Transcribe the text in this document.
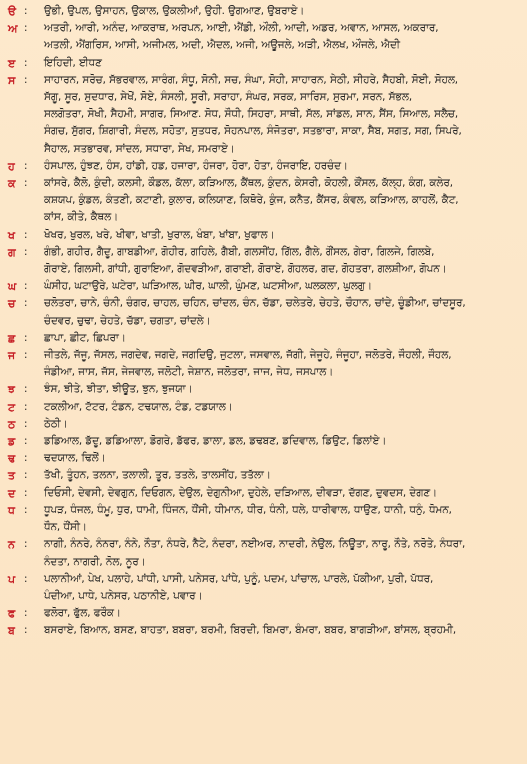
ੳ :	ਉਭੀ, ਉਪਲ, ਉਸਾਹਨ, ਉਕਾਲ, ਉਕਲੀਆਂ, ਉਹੀ. ਉਗਆਣ, ਉਬਰਾਏ।
ਅ :	ਅਤਰੀ, ਆਰੀ, ਅਨੰਦ, ਆਕਰਾਥ, ਅਰਪਨ, ਆਈ, ਐਂਡੀ, ਔਲੀ, ਆਦੀ, ਅਡਰ, ਅਵਾਨ, ਆਸਲ, ਅਕਰਾਰ,
ਅਤਲੀ, ਐਂਗਰਿਸ, ਆਸੀ, ਅਜੀਮਲ, ਅਦੀ, ਐਦਲ, ਅਜੀ, ਅਊਜਲੇ, ਅੜੀ, ਐਲਖ, ਔਜਲੇ, ਐਦੀ
ੲ :	ਇਹਿਦੀ, ਈਧਣ
ਸ :	ਸਾਹਾਰਨ, ਸਰੋਚ, ਸੱਭਰਵਾਲ, ਸਾਰੰਗ, ਸੰਧੂ, ਸੋਨੀ, ਸਚ, ਸੰਘਾ, ਸੋਹੀ, ਸਾਹਾਰਨ, ਸੇਠੀ, ਸੀਹਰੇ, ਸੈਹਬੀ, ਸੋਈ, ਸੋਹਲ,
ਸੱਗੂ, ਸੂਰ, ਸੁਦਧਾਰ, ਸੇਖੋਂ, ਸੋਏ, ਸੰਸਲੀ, ਸੂਰੀ, ਸਰਾਹਾ, ਸੰਘਰ, ਸਰਕ, ਸਾਰਿਸ, ਸੁਰਮਾ, ਸਰਨ, ਸੱਭਲ,
ਸਲਗੋਤਰਾ, ਸੋਖੀ, ਸੈਹਮੀ, ਸਾਗਰ, ਸਿਆਣ. ਸੋਧ, ਸੌਧੀ, ਸਿਹਰਾ, ਸਾਥੀ, ਸੱਲ, ਸਾਂਡਲ, ਸਾਨ, ਸੈਂਸ, ਸਿਆਲ, ਸਲੈਚ,
ਸੰਗਚ, ਸੁੱਗਰ, ਸ਼ਿਗਾਰੀ, ਸੰਦਲ, ਸਹੋਤਾ, ਸੁਤਧਰ, ਸੋਹਨਪਾਲ, ਸੰਜੋਤਰਾ, ਸਤਭਾਰਾ, ਸਾਕਾ, ਸੈਬ, ਸਗਤ, ਸਗ, ਸਿਪਰੇ,
ਸੈਹਾਲ, ਸਤਭਾਰਵ, ਸਾਂਦਲ, ਸਧਾਰਾ, ਸੇਖ, ਸਮਰਾਏ।
ਹ :	ਹੰਸਪਾਲ, ਹੁੰਝਣ, ਹੰਸ, ਹਾਂਡੀ, ਹਡ, ਹਜਾਰਾ, ਹੰਜਰਾ, ਹੋਰਾ, ਹੋਤਾ, ਹੰਜਰਾਇ, ਹਰਚੰਦ।
ਕ :	ਕਾਂਸਰੇ, ਕੈਲੋ, ਕੁੰਦੀ, ਕਲਸੀ, ਕੌਡਲ, ਕੱਲਾ, ਕੜਿਆਲ, ਕੈਂਥਲ, ਕੁੰਦਨ, ਕੇਸਰੀ, ਕੋਹਲੀ, ਕੌਂਸਲ, ਕੱਲ੍ਹ, ਕੰਗ, ਕਲੇਰ,
ਕਸ਼ਯਪ, ਕੁੰਡਲ, ਕੰਤਣੀ, ਕਟਾਣੀ, ਕੁਲਾਰ, ਕਲਿਯਾਣ, ਕਿਥੋਰੇ, ਕੁੰਜ, ਕਨੈਤ, ਕੈਂਸਰ, ਕੰਵਲ, ਕੜਿਆਲ, ਕਾਹਲੋਂ, ਕੈਟ,
ਕਾਂਸ, ਕੀਤੇ, ਕੈਥਲ।
ਖ :	ਖੋਖਰ, ਖੁਰਲ, ਖਰੇ, ਖੀਵਾ, ਖਾਤੀ, ਖੁਰਾਲ, ਖੰਬਾ, ਖਾਂਬਾ, ਖੁਫਾਲ।
ਗ :	ਗੰਭੀ, ਗਹੀਰ, ਗੈਦੂ, ਗਾਬਡੀਆ, ਗੋਹੀਰ, ਗਹਿਲੇ, ਗੈਬੀ, ਗਲਸੀਂਹ, ਗਿੱਲ, ਗੈਲੇ, ਗੌਂਸਲ, ਗੇਰਾ, ਗਿਲਜੇ, ਗਿਲਬੇ,
ਗੋਰਾਏ, ਗਿਲਸੀ, ਗਾਂਧੀ, ਗੁਰਾਇਆ, ਗੋਦਵੜੀਆ, ਗਰਾਈ, ਗੋਰਾਏ, ਗੋਹਲਰ, ਗਦ, ਗੋਹਤਰਾ, ਗਲਸ਼ੀਆ, ਗੋਪਨ।
ਘ :	ਘੰਸੀਹ, ਘਟਾਉਰੇ, ਘਟੇਰਾ, ਘੜਿਆਲ, ਘੀਰ, ਘਾਲੀ, ਘੁੰਮਣ, ਘਟਸੀਆ, ਘਲਕਲਾ, ਘੁਲਗੁ।
ਚ :	ਚਲੋਤਰਾ, ਚਾਨੇ, ਚੰਨੀ, ਚੰਗਰ, ਚਾਹਲ, ਚਹਿਨ, ਚਾਂਦਲ, ਚੰਨ, ਚੱਡਾ, ਚਲੇਤਰੇ, ਚੇਹਤੇ, ਚੌਹਾਨ, ਚਾਂਦੇ, ਚੂੰਡੀਆ, ਚਾਂਦਸੂਰ,
ਚੰਦਵਰ, ਚੁਢਾ, ਚੇਹਤੇ, ਚੱਡਾ, ਚਗਤਾ, ਚਾਂਦਲੇ।
ਛ :	ਛਾਪਾ, ਛੀਟ, ਛਿਪਰਾ।
ਜ :	ਜੀਤਲੇ, ਜੱਜੂ, ਜੱਸਲ, ਜਗਦੇਵ, ਜਗਦੇ, ਜਗਦਿਉ, ਜੁਟਲਾ, ਜਸਵਾਲ, ਜੱਗੀ, ਜੇਜੂਹੇ, ਜੰਜੂਹਾ, ਜਲੋਤਰੇ, ਜੌਹਲੀ, ਜੌਹਲ,
ਜੰਡੀਆ, ਜਾਸ, ਜੱਸ, ਜੇਜਵਾਲ, ਜਲੋਟੀ, ਜੇਸ਼ਾਨ, ਜਲੋਤਰਾ, ਜਾਜ, ਜੇਧ, ਜਸਪਾਲ।
ਝ :	ਝੰਸ, ਝੀਤੇ, ਝੀਤਾ, ਝੀਊਤ, ਝੁਨ, ਝੁਜਯਾ।
ਟ :	ਟਕਲੀਆ, ਟੱਟਰ, ਟੰਡਨ, ਟਢਯਾਲ, ਟੰਡ, ਟਡਯਾਲ।
ਠ :	ਠੇਠੀ।
ਡ :	ਡਡਿਆਲ, ਡੱਦੂ, ਡਡਿਆਲਾ, ਡੋਗਰੇ, ਡੱਫਰ, ਡਾਲਾ, ਡਲ, ਡਢਬਣ, ਡਦਿਵਾਲ, ਡਿਉਟ, ਡਿਲਾਂਏ।
ਢ :	ਢਦਯਾਲ, ਢਿਲੋਂ।
ਤ :	ਤੱਖੀ, ਤੂੰਹਨ, ਤਲਨਾ, ਤਲਾਲੀ, ਤੂਰ, ਤਤਲੇ, ਤਾਲਸੀਂਹ, ਤਤੱਲਾ।
ਦ :	ਦਿਓਸੀ, ਦੇਵਸੀ, ਦੇਵਗੁਨ, ਦਿਓਗਨ, ਦੇਉਲ, ਦੇਗੁਨੀਆ, ਦੁਹੇਲੇ, ਦੜਿਆਲ, ਦੀਵੜਾ, ਦੱਗਣ, ਦੁਵਦਸ, ਦੇਗਣ।
ਧ :	ਧੂਪੜ, ਧੰਜਲ, ਧੰਮੂ, ਧੁਰ, ਧਾਮੀ, ਧਿੰਜਨ, ਧੌਂਸੀ, ਧੀਮਾਨ, ਧੀਰ, ਧੰਨੀ, ਧਲੇ, ਧਾਰੀਵਾਲ, ਧਾਉਣ, ਧਾਨੀ, ਧਨੁੰ, ਧੋਮਨ,
ਧੌਨ, ਧੌਂਸੀ।
ਨ :	ਨਾਗੀ, ਨੰਨਰੇ, ਨੰਨਰਾ, ਨੰਨੇ, ਨੌਤਾ, ਨੰਧਰੇ, ਨੈਟੇ, ਨੰਦਰਾ, ਨਈਅਰ, ਨਾਦਰੀ, ਨੇਉਲ, ਨਿਊਤਾ, ਨਾਰੂ, ਨੌਤੇ, ਨਰੋਤੇ, ਨੰਧਰਾ,
ਨੰਦਤਾ, ਨਾਗਰੀ, ਨੋਲ, ਨੂਰ।
ਪ :	ਪਲਾਨੀਆਂ, ਪੇਖ, ਪਲਾਹੇ, ਪਾਂਧੀ, ਪਾਸੀ, ਪਨੇਸਰ, ਪਾਂਧੇ, ਪੁਨੂੰ, ਪਦਮ, ਪਾਂਚਾਲ, ਪਾਰਲੇ, ਪੱਕੀਆ, ਪੁਰੀ, ਪੱਧਰ,
ਪੰਦੀਆ, ਪਾਧੇ, ਪਨੇਸਰ, ਪਠਾਨੀਏ, ਪਵਾਰ।
ਫ :	ਫਲੋਰਾ, ਫੁੱਲ, ਫਰੌਕ।
ਬ :	ਬਸਰਾਏ, ਬਿਆਨ, ਬਸਣ, ਬਾਹਤਾ, ਬਬਰਾ, ਬਰਮੀ, ਬਿਰਦੀ, ਬਿਮਰਾ, ਬੰਮਰਾ, ਬਬਰ, ਬਾਗੜੀਆ, ਬਾਂਸਲ, ਬ੍ਰਹਮੀ,
